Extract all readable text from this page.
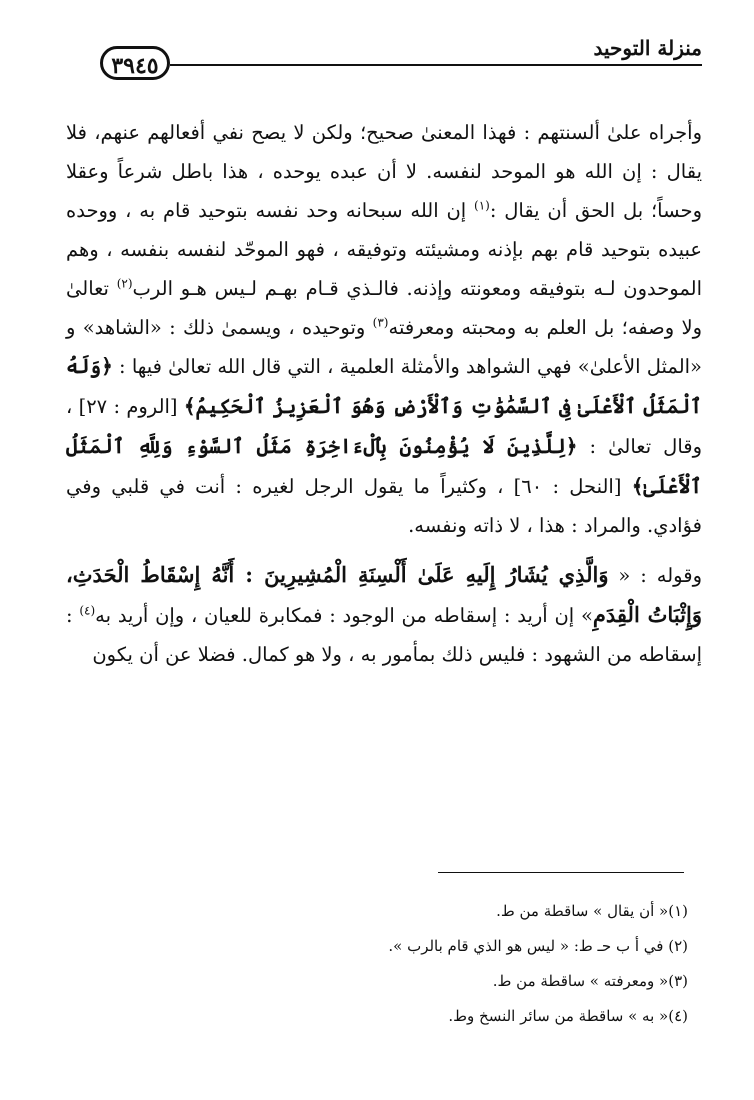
منزلة التوحيد
٣٩٤٥

وأجراه علىٰ ألسنتهم : فهذا المعنىٰ صحيح؛ ولكن لا يصح نفي أفعالهم عنهم، فلا يقال : إن الله هو الموحد لنفسه. لا أن عبده يوحده ، هذا باطل شرعاً وعقلا وحساً؛ بل الحق أن يقال :$^{(١)}$ إن الله سبحانه وحد نفسه بتوحيد قام به ، ووحده عبيده بتوحيد قام بهم بإذنه ومشيئته وتوفيقه ، فهو الموحّد لنفسه بنفسه ، وهم الموحدون لـه بتوفيقه ومعونته وإذنه. فالـذي قـام بهـم لـيس هـو الرب$^{(٢)}$ تعالىٰ ولا وصفه؛ بل العلم به ومحبته ومعرفته$^{(٣)}$ وتوحيده ، ويسمىٰ ذلك : «الشاهد» و «المثل الأعلىٰ» فهي الشواهد والأمثلة العلمية ، التي قال الله تعالىٰ فيها : ﴿وَلَهُ ٱلْمَثَلُ ٱلْأَعْلَىٰ فِى ٱلسَّمَٰوَٰتِ وَٱلْأَرْضِ وَهُوَ ٱلْعَزِيزُ ٱلْحَكِيمُ﴾ [الروم : ٢٧] ، وقال تعالىٰ : ﴿لِلَّذِينَ لَا يُؤْمِنُونَ بِٱلْءَاخِرَةِ مَثَلُ ٱلسَّوْءِ وَلِلَّهِ ٱلْمَثَلُ ٱلْأَعْلَىٰ﴾ [النحل : ٦٠] ، وكثيراً ما يقول الرجل لغيره : أنت في قلبي وفي فؤادي. والمراد : هذا ، لا ذاته ونفسه.

وقوله : « وَالَّذِي يُشَارُ إِلَيهِ عَلَىٰ أَلْسِنَةِ الْمُشِيرِينَ : أَنَّهُ إِسْقَاطُ الْحَدَثِ، وَإِثْبَاتُ الْقِدَمِ» إن أريد : إسقاطه من الوجود : فمكابرة للعيان ، وإن أريد به$^{(٤)}$ : إسقاطه من الشهود : فليس ذلك بمأمور به ، ولا هو كمال. فضلا عن أن يكون

(١)« أن يقال » ساقطة من ط.
(٢) في أ ب حـ ط: « ليس هو الذي قام بالرب ».
(٣)« ومعرفته » ساقطة من ط.
(٤)« به » ساقطة من سائر النسخ وط.
